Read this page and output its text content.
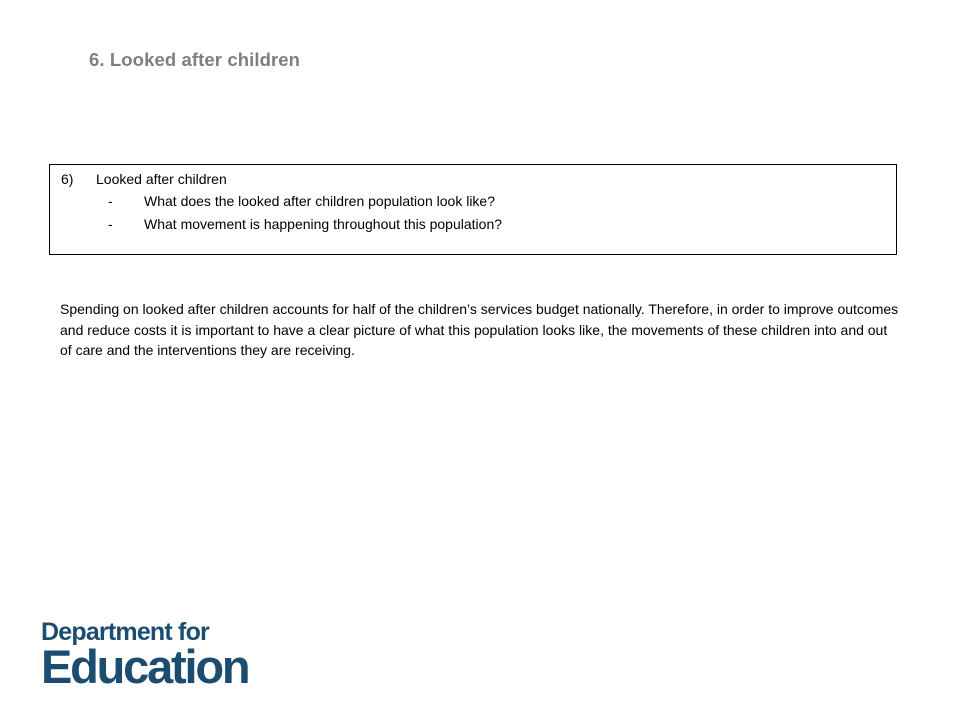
6. Looked after children
6) Looked after children
- What does the looked after children population look like?
- What movement is happening throughout this population?

Spending on looked after children accounts for half of the children’s services budget nationally. Therefore, in order to improve outcomes and reduce costs it is important to have a clear picture of what this population looks like, the movements of these children into and out of care and the interventions they are receiving.

Department for
Education
